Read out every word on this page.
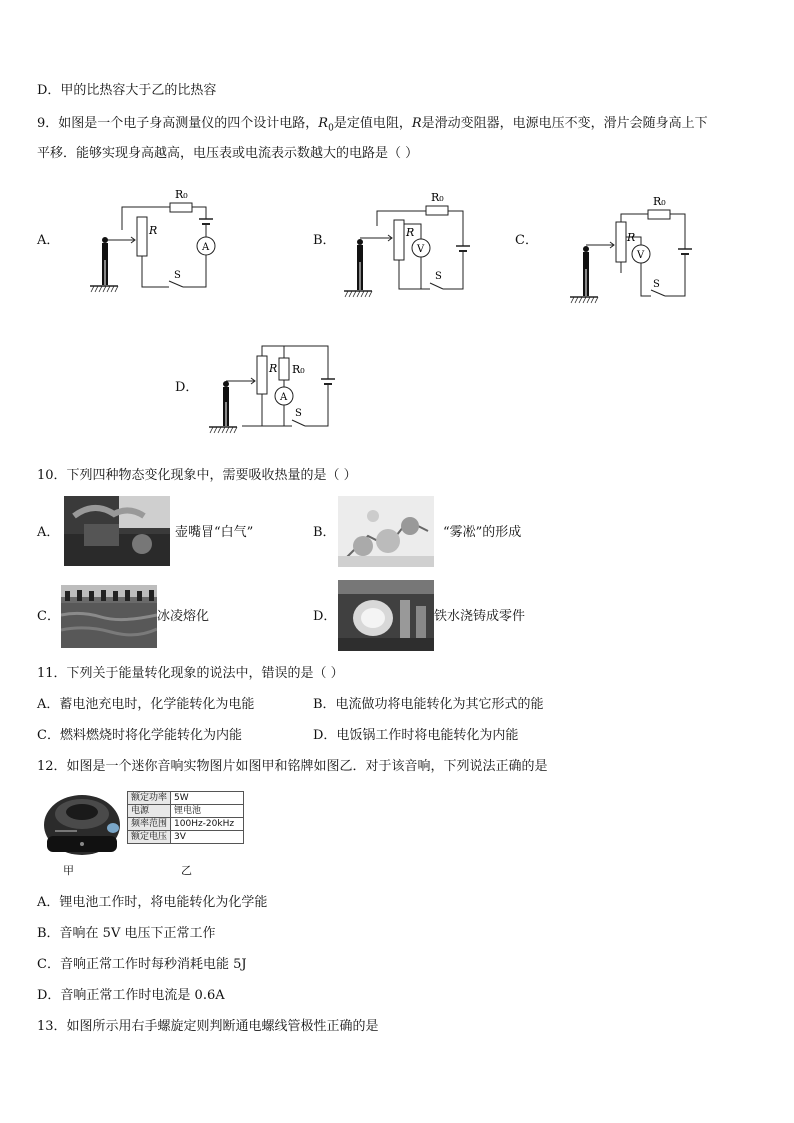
D．甲的比热容大于乙的比热容
9．如图是一个电子身高测量仪的四个设计电路，$R_0$是定值电阻，R是滑动变阻器，电源电压不变，滑片会随身高上下
平移．能够实现身高越高，电压表或电流表示数越大的电路是（ ）
A．	B．	C．
D．
R₀
R
A
S
R₀
R
V
S
R₀
R
V
S
R R₀
A
S
10．下列四种物态变化现象中，需要吸收热量的是（ ）
A．	壶嘴冒“白气”	B．	“雾凇”的形成
C．	冰凌熔化	D．	铁水浇铸成零件
11．下列关于能量转化现象的说法中，错误的是（ ）
A．蓄电池充电时，化学能转化为电能	B．电流做功将电能转化为其它形式的能
C．燃料燃烧时将化学能转化为内能	D．电饭锅工作时将电能转化为内能
12．如图是一个迷你音响实物图片如图甲和铭牌如图乙．对于该音响，下列说法正确的是
额定功率	5W
电源	锂电池
频率范围	100Hz-20kHz
额定电压	3V
甲	乙
A．锂电池工作时，将电能转化为化学能
B．音响在 5V 电压下正常工作
C．音响正常工作时每秒消耗电能 5J
D．音响正常工作时电流是 0.6A
13．如图所示用右手螺旋定则判断通电螺线管极性正确的是
